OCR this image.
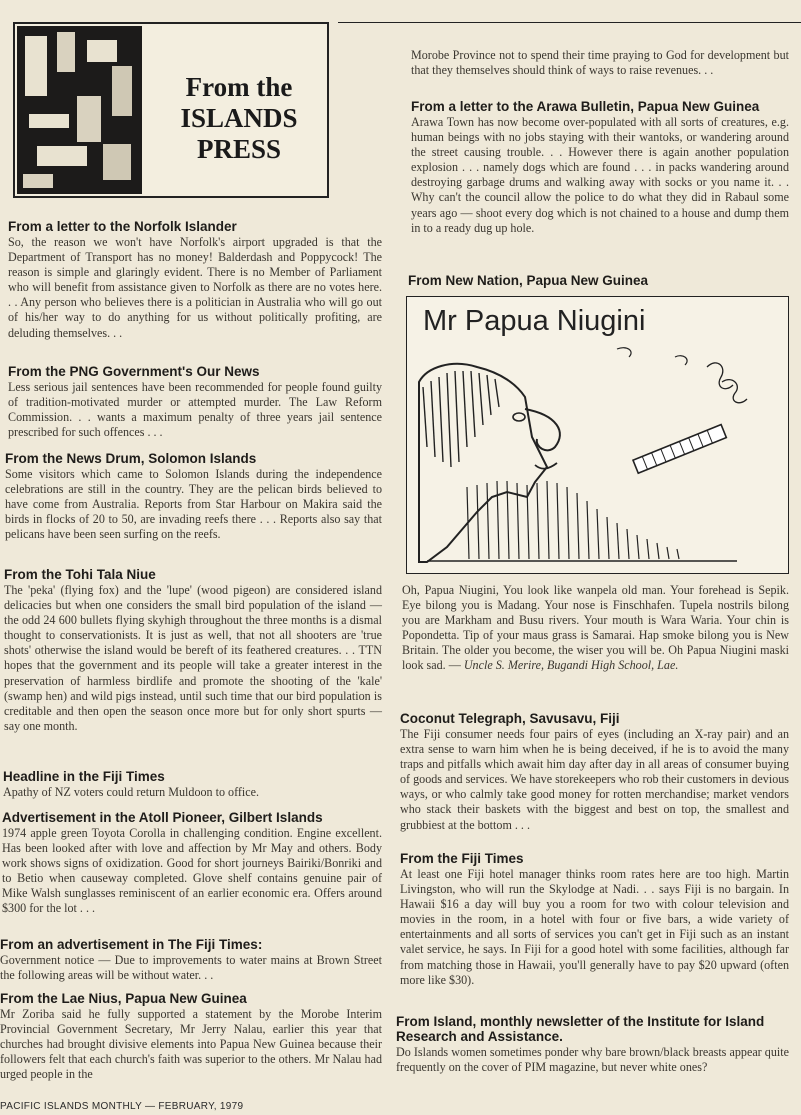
From the
ISLANDS
PRESS
From a letter to the Norfolk Islander

So, the reason we won't have Norfolk's airport upgraded is that the Department of Transport has no money! Balderdash and Poppycock! The reason is simple and glaringly evident. There is no Member of Parliament who will benefit from assistance given to Norfolk as there are no votes here. . . Any person who believes there is a politician in Australia who will go out of his/her way to do anything for us without politically profiting, are deluding themselves. . .

From the PNG Government's Our News

Less serious jail sentences have been recommended for people found guilty of tradition-motivated murder or attempted murder. The Law Reform Commission. . . wants a maximum penalty of three years jail sentence prescribed for such offences . . .

From the News Drum, Solomon Islands

Some visitors which came to Solomon Islands during the independence celebrations are still in the country. They are the pelican birds believed to have come from Australia. Reports from Star Harbour on Makira said the birds in flocks of 20 to 50, are invading reefs there . . . Reports also say that pelicans have been seen surfing on the reefs.

From the Tohi Tala Niue

The 'peka' (flying fox) and the 'lupe' (wood pigeon) are considered island delicacies but when one considers the small bird population of the island — the odd 24 600 bullets flying skyhigh throughout the three months is a dismal thought to conservationists. It is just as well, that not all shooters are 'true shots' otherwise the island would be bereft of its feathered creatures. . . TTN hopes that the government and its people will take a greater interest in the preservation of harmless birdlife and promote the shooting of the 'kale' (swamp hen) and wild pigs instead, until such time that our bird population is creditable and then open the season once more but for only short spurts — say one month.

Headline in the Fiji Times

Apathy of NZ voters could return Muldoon to office.

Advertisement in the Atoll Pioneer, Gilbert Islands

1974 apple green Toyota Corolla in challenging condition. Engine excellent. Has been looked after with love and affection by Mr May and others. Body work shows signs of oxidization. Good for short journeys Bairiki/Bonriki and to Betio when causeway completed. Glove shelf contains genuine pair of Mike Walsh sunglasses reminiscent of an earlier economic era. Offers around $300 for the lot . . .

From an advertisement in The Fiji Times:

Government notice — Due to improvements to water mains at Brown Street the following areas will be without water. . .

From the Lae Nius, Papua New Guinea

Mr Zoriba said he fully supported a statement by the Morobe Interim Provincial Government Secretary, Mr Jerry Nalau, earlier this year that churches had brought divisive elements into Papua New Guinea because their followers felt that each church's faith was superior to the others. Mr Nalau had urged people in the

Morobe Province not to spend their time praying to God for development but that they themselves should think of ways to raise revenues. . .

From a letter to the Arawa Bulletin, Papua New Guinea

Arawa Town has now become over-populated with all sorts of creatures, e.g. human beings with no jobs staying with their wantoks, or wandering around the street causing trouble. . . However there is again another population explosion . . . namely dogs which are found . . . in packs wandering around destroying garbage drums and walking away with socks or you name it. . . Why can't the council allow the police to do what they did in Rabaul some years ago — shoot every dog which is not chained to a house and dump them in to a ready dug up hole.

From New Nation, Papua New Guinea
Mr Papua Niugini

Oh, Papua Niugini, You look like wanpela old man. Your forehead is Sepik. Eye bilong you is Madang. Your nose is Finschhafen. Tupela nostrils bilong you are Markham and Busu rivers. Your mouth is Wara Waria. Your chin is Popondetta. Tip of your maus grass is Samarai. Hap smoke bilong you is New Britain. The older you become, the wiser you will be. Oh Papua Niugini maski look sad. — Uncle S. Merire, Bugandi High School, Lae.

Coconut Telegraph, Savusavu, Fiji

The Fiji consumer needs four pairs of eyes (including an X-ray pair) and an extra sense to warn him when he is being deceived, if he is to avoid the many traps and pitfalls which await him day after day in all areas of consumer buying of goods and services. We have storekeepers who rob their customers in devious ways, or who calmly take good money for rotten merchandise; market vendors who stack their baskets with the biggest and best on top, the smallest and grubbiest at the bottom . . .

From the Fiji Times

At least one Fiji hotel manager thinks room rates here are too high. Martin Livingston, who will run the Skylodge at Nadi. . . says Fiji is no bargain. In Hawaii $16 a day will buy you a room for two with colour television and movies in the room, in a hotel with four or five bars, a wide variety of entertainments and all sorts of services you can't get in Fiji such as an instant valet service, he says. In Fiji for a good hotel with some facilities, although far from matching those in Hawaii, you'll generally have to pay $20 upward (often more like $30).

From Island, monthly newsletter of the Institute for Island Research and Assistance.

Do Islands women sometimes ponder why bare brown/black breasts appear quite frequently on the cover of PIM magazine, but never white ones?

PACIFIC ISLANDS MONTHLY — FEBRUARY, 1979
